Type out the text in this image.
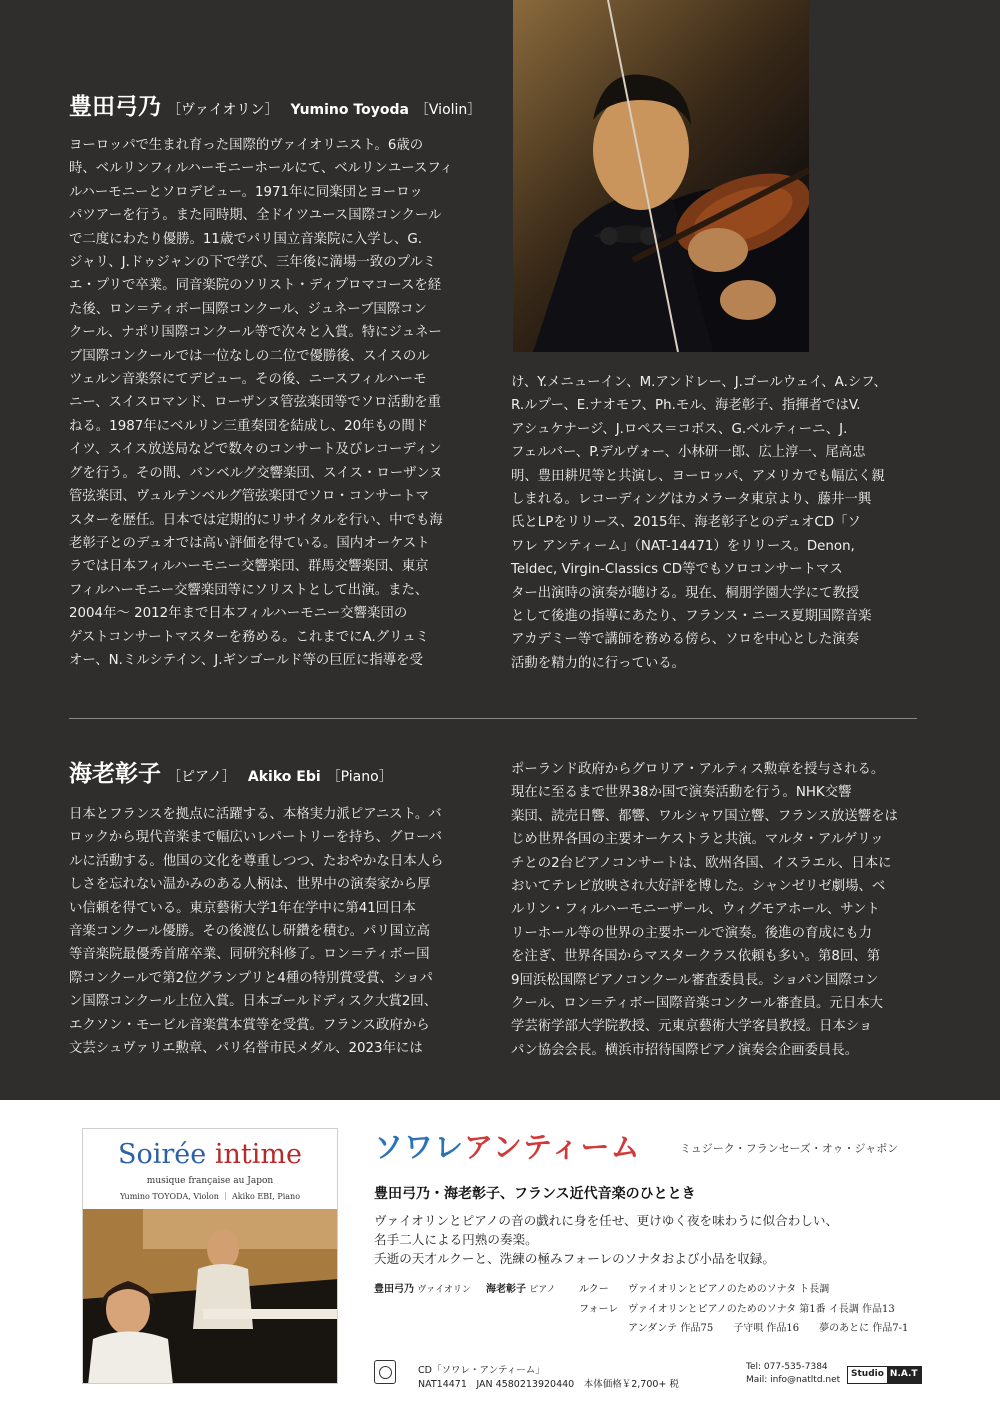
豊田弓乃 ［ヴァイオリン］ Yumino Toyoda ［Violin］
ヨーロッパで生まれ育った国際的ヴァイオリニスト。6歳の
時、ベルリンフィルハーモニーホールにて、ベルリンユースフィ
ルハーモニーとソロデビュー。1971年に同楽団とヨーロッ
パツアーを行う。また同時期、全ドイツユース国際コンクール
で二度にわたり優勝。11歳でパリ国立音楽院に入学し、G.
ジャリ、J.ドゥジャンの下で学び、三年後に満場一致のプルミ
エ・プリで卒業。同音楽院のソリスト・ディプロマコースを経
た後、ロン＝ティボー国際コンクール、ジュネーブ国際コン
クール、ナポリ国際コンクール等で次々と入賞。特にジュネー
ブ国際コンクールでは一位なしの二位で優勝後、スイスのル
ツェルン音楽祭にてデビュー。その後、ニースフィルハーモ
ニー、スイスロマンド、ローザンヌ管弦楽団等でソロ活動を重
ねる。1987年にベルリン三重奏団を結成し、20年もの間ド
イツ、スイス放送局などで数々のコンサート及びレコーディン
グを行う。その間、バンベルグ交響楽団、スイス・ローザンヌ
管弦楽団、ヴュルテンベルグ管弦楽団でソロ・コンサートマ
スターを歴任。日本では定期的にリサイタルを行い、中でも海
老彰子とのデュオでは高い評価を得ている。国内オーケスト
ラでは日本フィルハーモニー交響楽団、群馬交響楽団、東京
フィルハーモニー交響楽団等にソリストとして出演。また、
2004年～ 2012年まで日本フィルハーモニー交響楽団の
ゲストコンサートマスターを務める。これまでにA.グリュミ
オー、N.ミルシテイン、J.ギンゴールド等の巨匠に指導を受
け、Y.メニューイン、M.アンドレー、J.ゴールウェイ、A.シフ、
R.ルプー、E.ナオモフ、Ph.モル、海老彰子、指揮者ではV.
アシュケナージ、J.ロペス＝コボス、G.ベルティーニ、J.
フェルバー、P.デルヴォー、小林研一郎、広上淳一、尾高忠
明、豊田耕児等と共演し、ヨーロッパ、アメリカでも幅広く親
しまれる。レコーディングはカメラータ東京より、藤井一興
氏とLPをリリース、2015年、海老彰子とのデュオCD「ソ
ワレ アンティーム」（NAT-14471）をリリース。Denon,
Teldec, Virgin-Classics CD等でもソロコンサートマス
ター出演時の演奏が聴ける。現在、桐朋学園大学にて教授
として後進の指導にあたり、フランス・ニース夏期国際音楽
アカデミー等で講師を務める傍ら、ソロを中心とした演奏
活動を精力的に行っている。
海老彰子 ［ピアノ］ Akiko Ebi ［Piano］
日本とフランスを拠点に活躍する、本格実力派ピアニスト。バ
ロックから現代音楽まで幅広いレパートリーを持ち、グローバ
ルに活動する。他国の文化を尊重しつつ、たおやかな日本人ら
しさを忘れない温かみのある人柄は、世界中の演奏家から厚
い信頼を得ている。東京藝術大学1年在学中に第41回日本
音楽コンクール優勝。その後渡仏し研鑽を積む。パリ国立高
等音楽院最優秀首席卒業、同研究科修了。ロン＝ティボー国
際コンクールで第2位グランプリと4種の特別賞受賞、ショパ
ン国際コンクール上位入賞。日本ゴールドディスク大賞2回、
エクソン・モービル音楽賞本賞等を受賞。フランス政府から
文芸シュヴァリエ勲章、パリ名誉市民メダル、2023年には
ポーランド政府からグロリア・アルティス勲章を授与される。
現在に至るまで世界38か国で演奏活動を行う。NHK交響
楽団、読売日響、都響、ワルシャワ国立響、フランス放送響をは
じめ世界各国の主要オーケストラと共演。マルタ・アルゲリッ
チとの2台ピアノコンサートは、欧州各国、イスラエル、日本に
おいてテレビ放映され大好評を博した。シャンゼリゼ劇場、ベ
ルリン・フィルハーモニーザール、ウィグモアホール、サント
リーホール等の世界の主要ホールで演奏。後進の育成にも力
を注ぎ、世界各国からマスタークラス依頼も多い。第8回、第
9回浜松国際ピアノコンクール審査委員長。ショパン国際コン
クール、ロン＝ティボー国際音楽コンクール審査員。元日本大
学芸術学部大学院教授、元東京藝術大学客員教授。日本ショ
パン協会会長。横浜市招待国際ピアノ演奏会企画委員長。
Soirée intime
musique française au Japon
Yumino TOYODA, Violon ｜ Akiko EBI, Piano
ソワレアンティーム	ミュジーク・フランセーズ・オゥ・ジャポン
豊田弓乃・海老彰子、フランス近代音楽のひととき
ヴァイオリンとピアノの音の戯れに身を任せ、更けゆく夜を味わうに似合わしい、
名手二人による円熟の奏楽。
夭逝の天才ルクーと、洗練の極みフォーレのソナタおよび小品を収録。
豊田弓乃 ヴァイオリン 海老彰子 ピアノ ルクー ヴァイオリンとピアノのためのソナタ ト長調
フォーレ ヴァイオリンとピアノのためのソナタ 第1番 イ長調 作品13
アンダンテ 作品75　　子守唄 作品16　　夢のあとに 作品7-1
CD「ソワレ・アンティーム」
NAT14471　JAN 4580213920440　本体価格￥2,700+ 税
Tel: 077-535-7384
Mail: info@natltd.net
Studio N.A.T
